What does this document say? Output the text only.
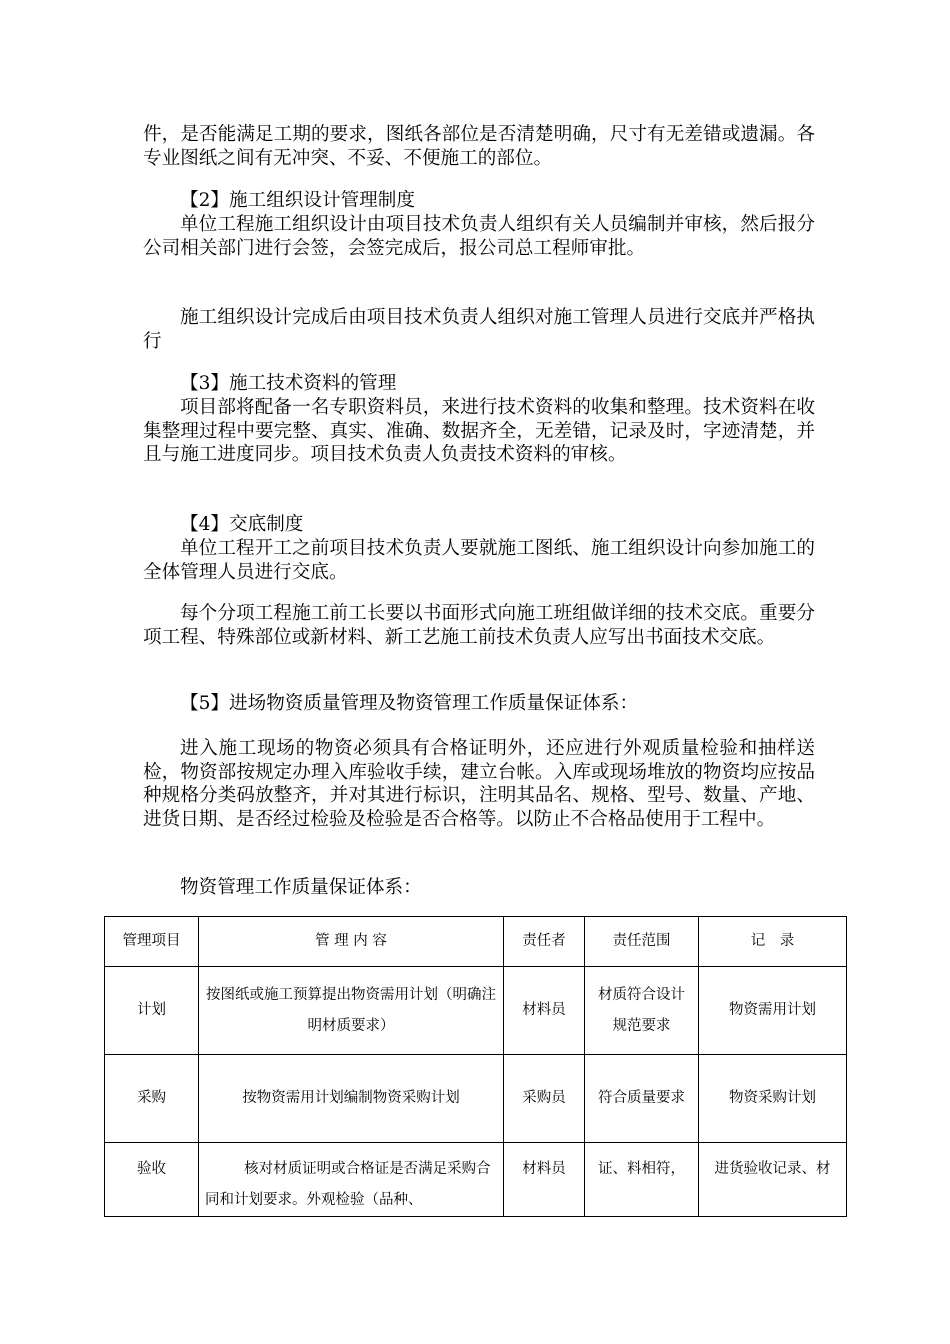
件，是否能满足工期的要求，图纸各部位是否清楚明确，尺寸有无差错或遗漏。各专业图纸之间有无冲突、不妥、不便施工的部位。

【2】施工组织设计管理制度

单位工程施工组织设计由项目技术负责人组织有关人员编制并审核，然后报分公司相关部门进行会签，会签完成后，报公司总工程师审批。

施工组织设计完成后由项目技术负责人组织对施工管理人员进行交底并严格执行

【3】施工技术资料的管理

项目部将配备一名专职资料员，来进行技术资料的收集和整理。技术资料在收集整理过程中要完整、真实、准确、数据齐全，无差错，记录及时，字迹清楚，并且与施工进度同步。项目技术负责人负责技术资料的审核。

【4】交底制度

单位工程开工之前项目技术负责人要就施工图纸、施工组织设计向参加施工的全体管理人员进行交底。

每个分项工程施工前工长要以书面形式向施工班组做详细的技术交底。重要分项工程、特殊部位或新材料、新工艺施工前技术负责人应写出书面技术交底。

【5】进场物资质量管理及物资管理工作质量保证体系：

进入施工现场的物资必须具有合格证明外，还应进行外观质量检验和抽样送检，物资部按规定办理入库验收手续，建立台帐。入库或现场堆放的物资均应按品种规格分类码放整齐，并对其进行标识，注明其品名、规格、型号、数量、产地、进货日期、是否经过检验及检验是否合格等。以防止不合格品使用于工程中。

物资管理工作质量保证体系：

管理项目	管 理 内 容	责任者	责任范围	记　录
计划	按图纸或施工预算提出物资需用计划（明确注明材质要求）	材料员	材质符合设计规范要求	物资需用计划
采购	按物资需用计划编制物资采购计划	采购员	符合质量要求	物资采购计划
验收	核对材质证明或合格证是否满足采购合同和计划要求。外观检验（品种、	材料员	证、料相符，	进货验收记录、材
